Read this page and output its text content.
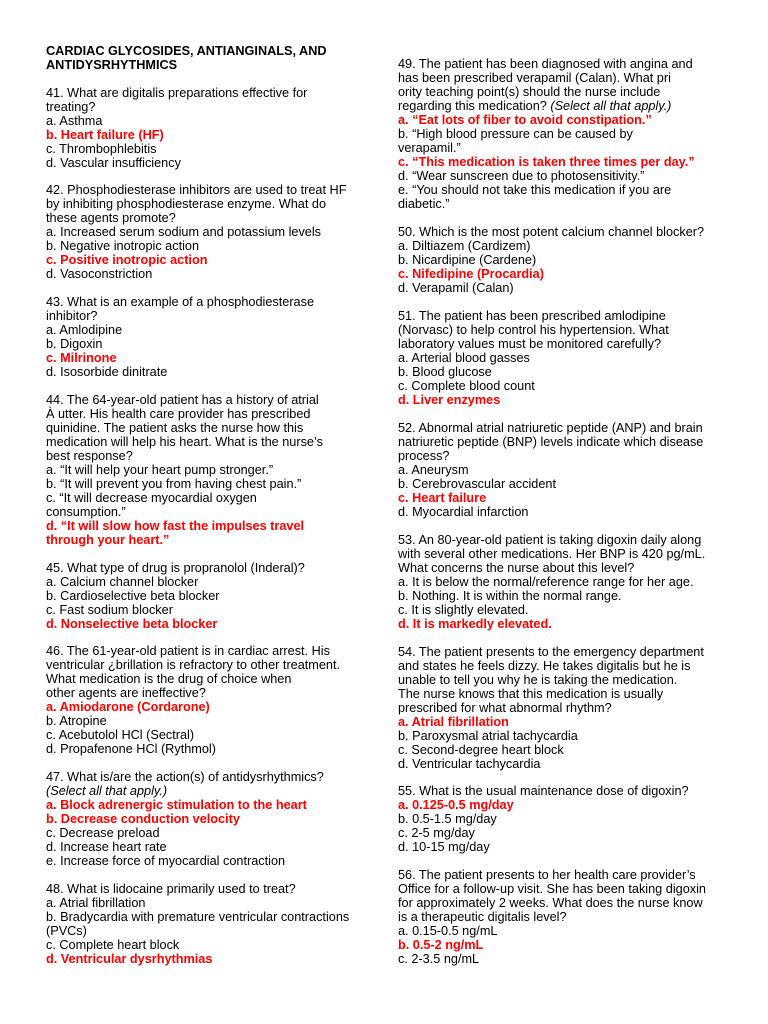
CARDIAC GLYCOSIDES, ANTIANGINALS, AND
ANTIDYSRHYTHMICS
41. What are digitalis preparations effective for
treating?
a. Asthma
b. Heart failure (HF)
c. Thrombophlebitis
d. Vascular insufficiency
42. Phosphodiesterase inhibitors are used to treat HF
by inhibiting phosphodiesterase enzyme. What do
these agents promote?
a. Increased serum sodium and potassium levels
b. Negative inotropic action
c. Positive inotropic action
d. Vasoconstriction
43. What is an example of a phosphodiesterase
inhibitor?
a. Amlodipine
b. Digoxin
c. Milrinone
d. Isosorbide dinitrate
44. The 64-year-old patient has a history of atrial
À utter. His health care provider has prescribed
quinidine. The patient asks the nurse how this
medication will help his heart. What is the nurse’s
best response?
a. “It will help your heart pump stronger.”
b. “It will prevent you from having chest pain.”
c. “It will decrease myocardial oxygen
consumption.”
d. “It will slow how fast the impulses travel
through your heart.”
45. What type of drug is propranolol (Inderal)?
a. Calcium channel blocker
b. Cardioselective beta blocker
c. Fast sodium blocker
d. Nonselective beta blocker
46. The 61-year-old patient is in cardiac arrest. His
ventricular ¿brillation is refractory to other treatment.
What medication is the drug of choice when
other agents are ineffective?
a. Amiodarone (Cordarone)
b. Atropine
c. Acebutolol HCl (Sectral)
d. Propafenone HCl (Rythmol)
47. What is/are the action(s) of antidysrhythmics?
(Select all that apply.)
a. Block adrenergic stimulation to the heart
b. Decrease conduction velocity
c. Decrease preload
d. Increase heart rate
e. Increase force of myocardial contraction
48. What is lidocaine primarily used to treat?
a. Atrial fibrillation
b. Bradycardia with premature ventricular contractions
(PVCs)
c. Complete heart block
d. Ventricular dysrhythmias
49. The patient has been diagnosed with angina and
has been prescribed verapamil (Calan). What pri
ority teaching point(s) should the nurse include
regarding this medication? (Select all that apply.)
a. “Eat lots of fiber to avoid constipation.”
b. “High blood pressure can be caused by
verapamil.”
c. “This medication is taken three times per day.”
d. “Wear sunscreen due to photosensitivity.”
e. “You should not take this medication if you are
diabetic.”
50. Which is the most potent calcium channel blocker?
a. Diltiazem (Cardizem)
b. Nicardipine (Cardene)
c. Nifedipine (Procardia)
d. Verapamil (Calan)
51. The patient has been prescribed amlodipine
(Norvasc) to help control his hypertension. What
laboratory values must be monitored carefully?
a. Arterial blood gasses
b. Blood glucose
c. Complete blood count
d. Liver enzymes
52. Abnormal atrial natriuretic peptide (ANP) and brain
natriuretic peptide (BNP) levels indicate which disease
process?
a. Aneurysm
b. Cerebrovascular accident
c. Heart failure
d. Myocardial infarction
53. An 80-year-old patient is taking digoxin daily along
with several other medications. Her BNP is 420 pg/mL.
What concerns the nurse about this level?
a. It is below the normal/reference range for her age.
b. Nothing. It is within the normal range.
c. It is slightly elevated.
d. It is markedly elevated.
54. The patient presents to the emergency department
and states he feels dizzy. He takes digitalis but he is
unable to tell you why he is taking the medication.
The nurse knows that this medication is usually
prescribed for what abnormal rhythm?
a. Atrial fibrillation
b. Paroxysmal atrial tachycardia
c. Second-degree heart block
d. Ventricular tachycardia
55. What is the usual maintenance dose of digoxin?
a. 0.125-0.5 mg/day
b. 0.5-1.5 mg/day
c. 2-5 mg/day
d. 10-15 mg/day
56. The patient presents to her health care provider’s
Office for a follow-up visit. She has been taking digoxin
for approximately 2 weeks. What does the nurse know
is a therapeutic digitalis level?
a. 0.15-0.5 ng/mL
b. 0.5-2 ng/mL
c. 2-3.5 ng/mL
